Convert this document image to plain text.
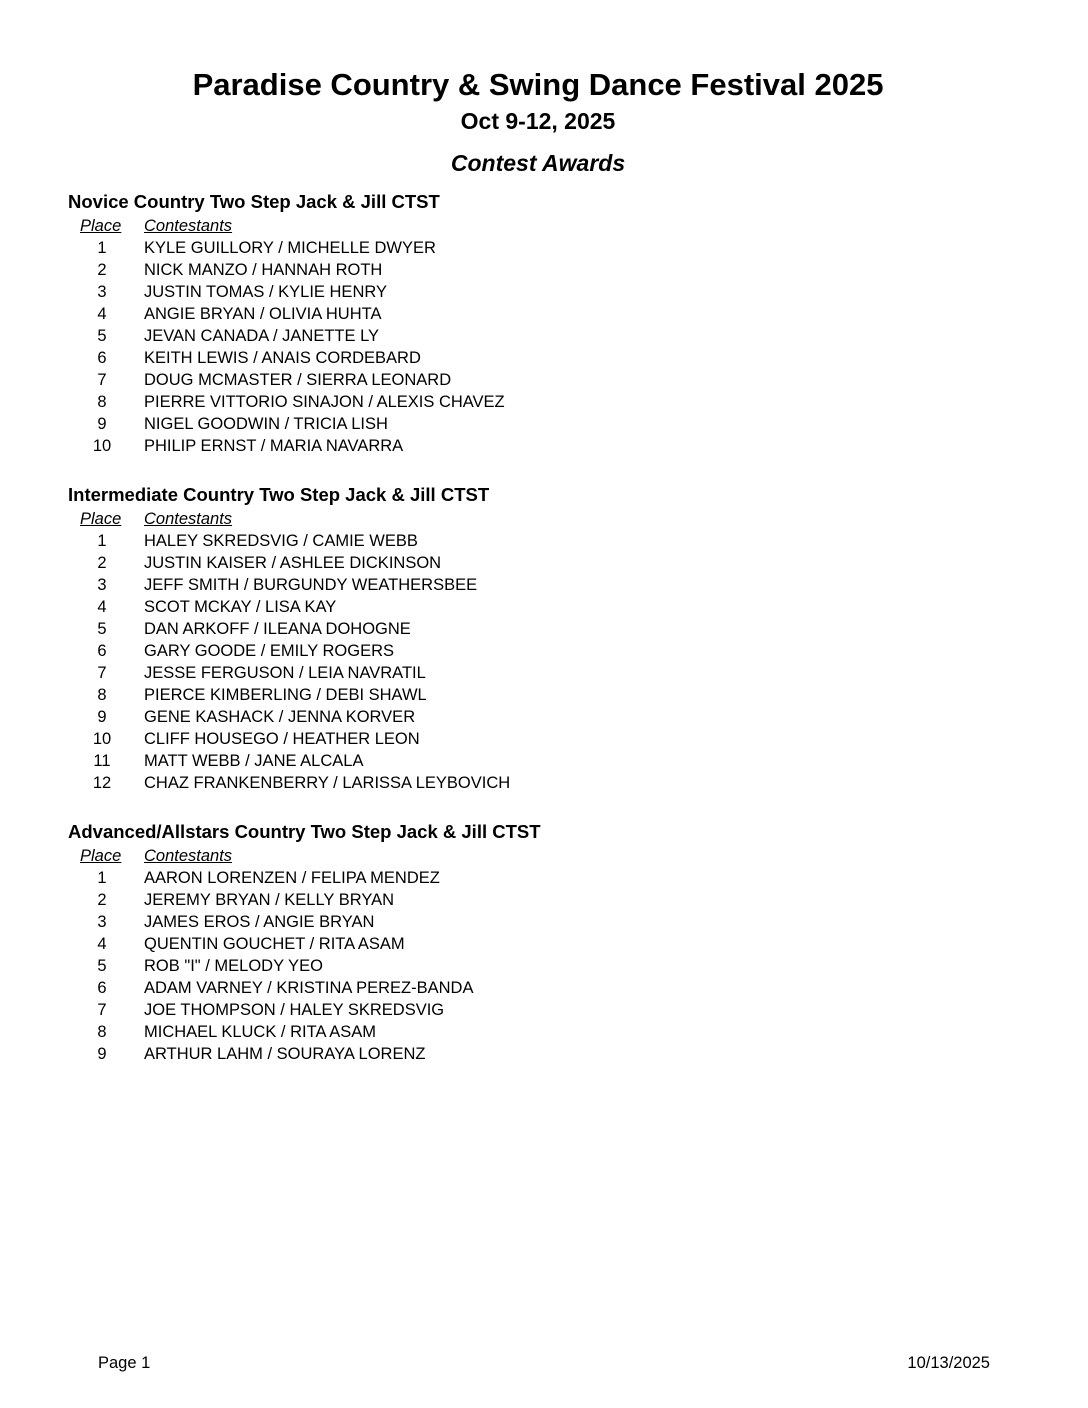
Paradise Country & Swing Dance Festival 2025
Oct 9-12, 2025
Contest Awards
Novice Country Two Step Jack & Jill CTST
Place	Contestants
1	KYLE GUILLORY / MICHELLE DWYER
2	NICK MANZO / HANNAH ROTH
3	JUSTIN TOMAS / KYLIE HENRY
4	ANGIE BRYAN / OLIVIA HUHTA
5	JEVAN CANADA / JANETTE LY
6	KEITH LEWIS / ANAIS CORDEBARD
7	DOUG MCMASTER / SIERRA LEONARD
8	PIERRE VITTORIO SINAJON / ALEXIS CHAVEZ
9	NIGEL GOODWIN / TRICIA LISH
10	PHILIP ERNST / MARIA NAVARRA
Intermediate Country Two Step Jack & Jill CTST
Place	Contestants
1	HALEY SKREDSVIG / CAMIE WEBB
2	JUSTIN KAISER / ASHLEE DICKINSON
3	JEFF SMITH / BURGUNDY WEATHERSBEE
4	SCOT MCKAY / LISA KAY
5	DAN ARKOFF / ILEANA DOHOGNE
6	GARY GOODE / EMILY ROGERS
7	JESSE FERGUSON / LEIA NAVRATIL
8	PIERCE KIMBERLING / DEBI SHAWL
9	GENE KASHACK / JENNA KORVER
10	CLIFF HOUSEGO / HEATHER LEON
11	MATT WEBB / JANE ALCALA
12	CHAZ FRANKENBERRY / LARISSA LEYBOVICH
Advanced/Allstars Country Two Step Jack & Jill CTST
Place	Contestants
1	AARON LORENZEN / FELIPA MENDEZ
2	JEREMY BRYAN / KELLY BRYAN
3	JAMES EROS / ANGIE BRYAN
4	QUENTIN GOUCHET / RITA ASAM
5	ROB "I" / MELODY YEO
6	ADAM VARNEY / KRISTINA PEREZ-BANDA
7	JOE THOMPSON / HALEY SKREDSVIG
8	MICHAEL KLUCK / RITA ASAM
9	ARTHUR LAHM / SOURAYA LORENZ
Page 1	10/13/2025
